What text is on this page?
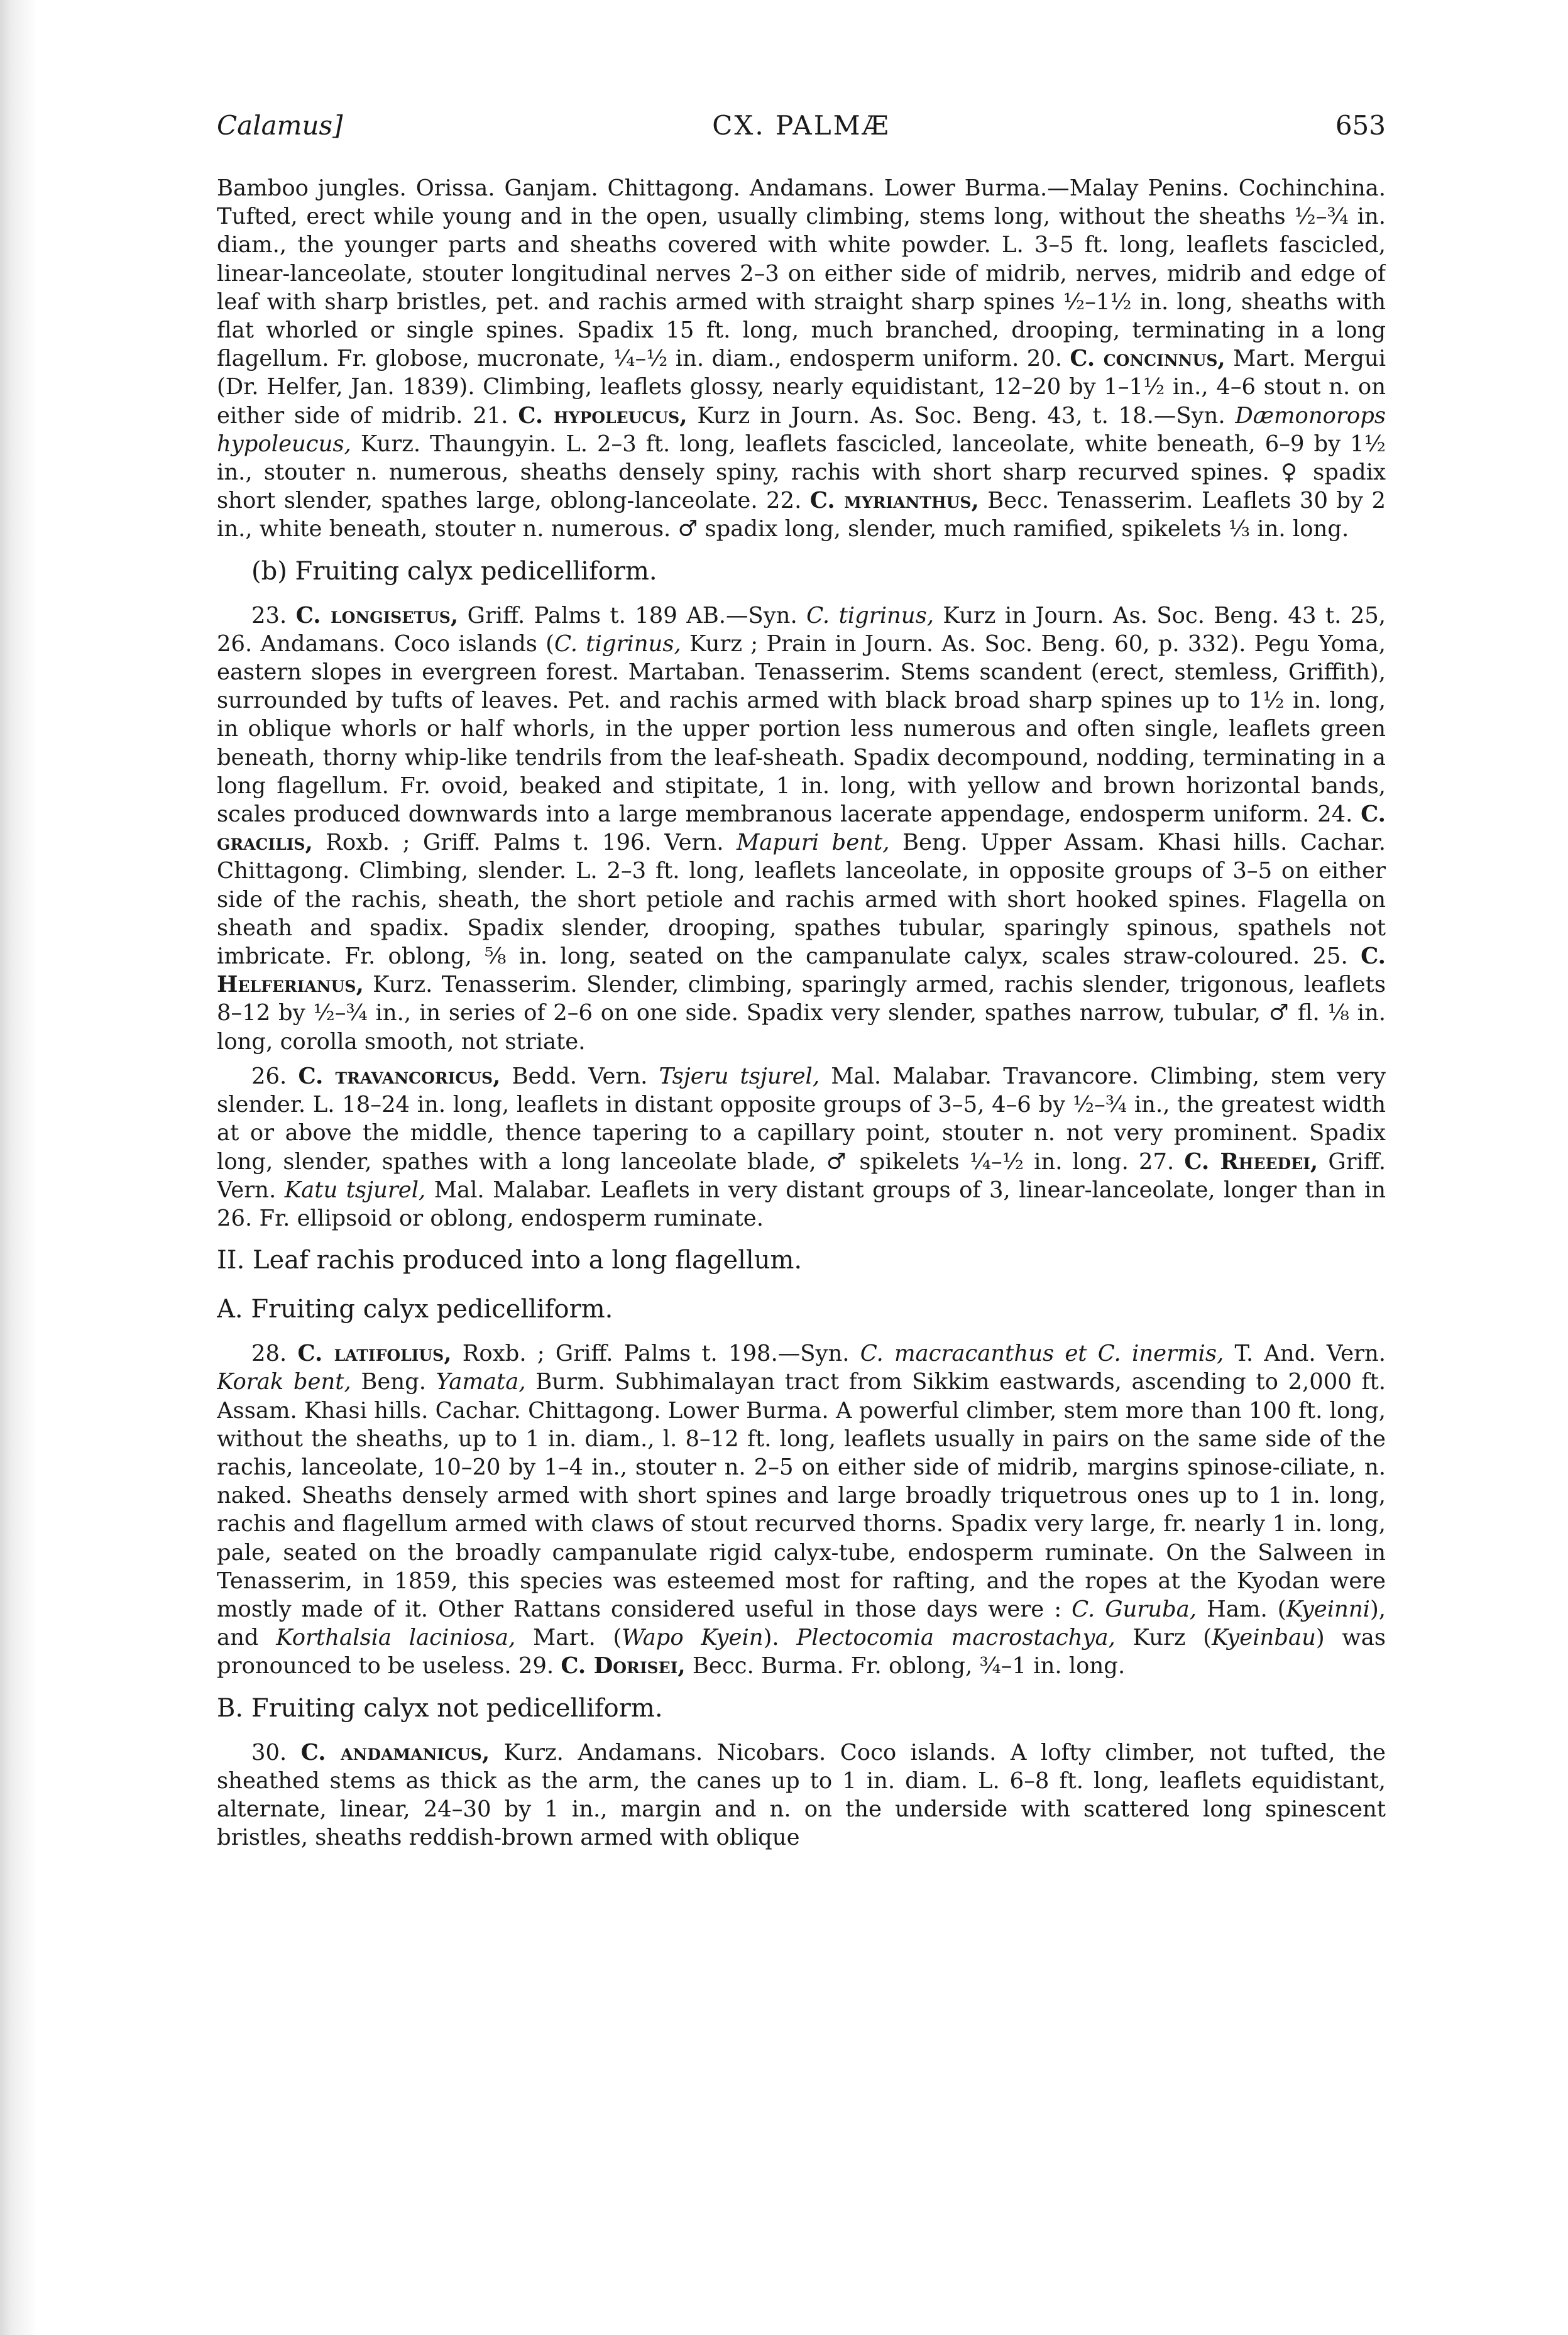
Calamus]	CX. PALMÆ	653

Bamboo jungles. Orissa. Ganjam. Chittagong. Andamans. Lower Burma.—Malay Penins. Cochinchina. Tufted, erect while young and in the open, usually climbing, stems long, without the sheaths ½–¾ in. diam., the younger parts and sheaths covered with white powder. L. 3–5 ft. long, leaflets fascicled, linear-lanceolate, stouter longitudinal nerves 2–3 on either side of midrib, nerves, midrib and edge of leaf with sharp bristles, pet. and rachis armed with straight sharp spines ½–1½ in. long, sheaths with flat whorled or single spines. Spadix 15 ft. long, much branched, drooping, terminating in a long flagellum. Fr. globose, mucronate, ¼–½ in. diam., endosperm uniform. 20. C. concinnus, Mart. Mergui (Dr. Helfer, Jan. 1839). Climbing, leaflets glossy, nearly equidistant, 12–20 by 1–1½ in., 4–6 stout n. on either side of midrib. 21. C. hypoleucus, Kurz in Journ. As. Soc. Beng. 43, t. 18.—Syn. Dæmonorops hypoleucus, Kurz. Thaungyin. L. 2–3 ft. long, leaflets fascicled, lanceolate, white beneath, 6–9 by 1½ in., stouter n. numerous, sheaths densely spiny, rachis with short sharp recurved spines. ♀ spadix short slender, spathes large, oblong-lanceolate. 22. C. myrianthus, Becc. Tenasserim. Leaflets 30 by 2 in., white beneath, stouter n. numerous. ♂ spadix long, slender, much ramified, spikelets ⅓ in. long.

(b) Fruiting calyx pedicelliform.

23. C. longisetus, Griff. Palms t. 189 AB.—Syn. C. tigrinus, Kurz in Journ. As. Soc. Beng. 43 t. 25, 26. Andamans. Coco islands (C. tigrinus, Kurz ; Prain in Journ. As. Soc. Beng. 60, p. 332). Pegu Yoma, eastern slopes in evergreen forest. Martaban. Tenasserim. Stems scandent (erect, stemless, Griffith), surrounded by tufts of leaves. Pet. and rachis armed with black broad sharp spines up to 1½ in. long, in oblique whorls or half whorls, in the upper portion less numerous and often single, leaflets green beneath, thorny whip-like tendrils from the leaf-sheath. Spadix decompound, nodding, terminating in a long flagellum. Fr. ovoid, beaked and stipitate, 1 in. long, with yellow and brown horizontal bands, scales produced downwards into a large membranous lacerate appendage, endosperm uniform. 24. C. gracilis, Roxb. ; Griff. Palms t. 196. Vern. Mapuri bent, Beng. Upper Assam. Khasi hills. Cachar. Chittagong. Climbing, slender. L. 2–3 ft. long, leaflets lanceolate, in opposite groups of 3–5 on either side of the rachis, sheath, the short petiole and rachis armed with short hooked spines. Flagella on sheath and spadix. Spadix slender, drooping, spathes tubular, sparingly spinous, spathels not imbricate. Fr. oblong, ⅝ in. long, seated on the campanulate calyx, scales straw-coloured. 25. C. Helferianus, Kurz. Tenasserim. Slender, climbing, sparingly armed, rachis slender, trigonous, leaflets 8–12 by ½–¾ in., in series of 2–6 on one side. Spadix very slender, spathes narrow, tubular, ♂ fl. ⅛ in. long, corolla smooth, not striate.

26. C. travancoricus, Bedd. Vern. Tsjeru tsjurel, Mal. Malabar. Travancore. Climbing, stem very slender. L. 18–24 in. long, leaflets in distant opposite groups of 3–5, 4–6 by ½–¾ in., the greatest width at or above the middle, thence tapering to a capillary point, stouter n. not very prominent. Spadix long, slender, spathes with a long lanceolate blade, ♂ spikelets ¼–½ in. long. 27. C. Rheedei, Griff. Vern. Katu tsjurel, Mal. Malabar. Leaflets in very distant groups of 3, linear-lanceolate, longer than in 26. Fr. ellipsoid or oblong, endosperm ruminate.

II. Leaf rachis produced into a long flagellum.
A. Fruiting calyx pedicelliform.

28. C. latifolius, Roxb. ; Griff. Palms t. 198.—Syn. C. macracanthus et C. inermis, T. And. Vern. Korak bent, Beng. Yamata, Burm. Subhimalayan tract from Sikkim eastwards, ascending to 2,000 ft. Assam. Khasi hills. Cachar. Chittagong. Lower Burma. A powerful climber, stem more than 100 ft. long, without the sheaths, up to 1 in. diam., l. 8–12 ft. long, leaflets usually in pairs on the same side of the rachis, lanceolate, 10–20 by 1–4 in., stouter n. 2–5 on either side of midrib, margins spinose-ciliate, n. naked. Sheaths densely armed with short spines and large broadly triquetrous ones up to 1 in. long, rachis and flagellum armed with claws of stout recurved thorns. Spadix very large, fr. nearly 1 in. long, pale, seated on the broadly campanulate rigid calyx-tube, endosperm ruminate. On the Salween in Tenasserim, in 1859, this species was esteemed most for rafting, and the ropes at the Kyodan were mostly made of it. Other Rattans considered useful in those days were : C. Guruba, Ham. (Kyeinni), and Korthalsia laciniosa, Mart. (Wapo Kyein). Plectocomia macrostachya, Kurz (Kyeinbau) was pronounced to be useless. 29. C. Dorisei, Becc. Burma. Fr. oblong, ¾–1 in. long.

B. Fruiting calyx not pedicelliform.

30. C. andamanicus, Kurz. Andamans. Nicobars. Coco islands. A lofty climber, not tufted, the sheathed stems as thick as the arm, the canes up to 1 in. diam. L. 6–8 ft. long, leaflets equidistant, alternate, linear, 24–30 by 1 in., margin and n. on the underside with scattered long spinescent bristles, sheaths reddish-brown armed with oblique
